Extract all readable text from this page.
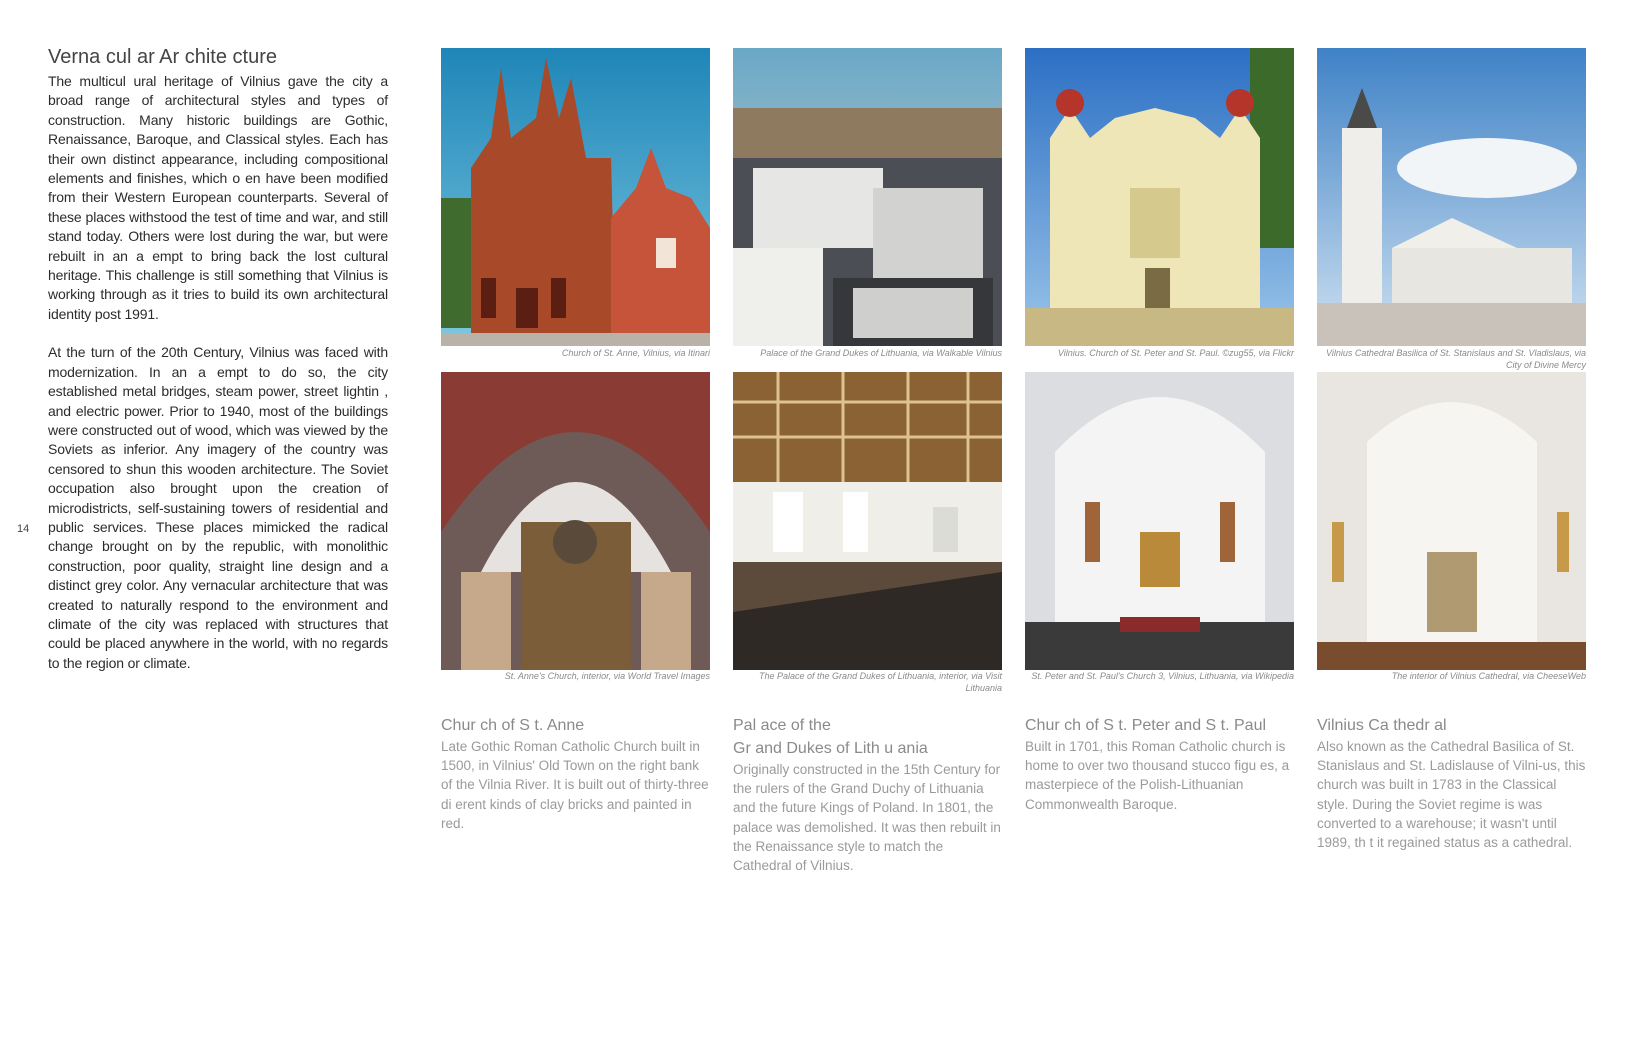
14
Verna cul ar Ar chite cture

The multicul ural heritage of Vilnius gave the city a broad range of architectural styles and types of construction. Many historic buildings are Gothic, Renaissance, Baroque, and Classical styles. Each has their own distinct appearance, including compositional elements and finishes, which o en have been modified from their Western European counterparts. Several of these places withstood the test of time and war, and still stand today. Others were lost during the war, but were rebuilt in an a empt to bring back the lost cultural heritage. This challenge is still something that Vilnius is working through as it tries to build its own architectural identity post 1991.

At the turn of the 20th Century, Vilnius was faced with modernization. In an a empt to do so, the city established metal bridges, steam power, street lightin , and electric power. Prior to 1940, most of the buildings were constructed out of wood, which was viewed by the Soviets as inferior. Any imagery of the country was censored to shun this wooden architecture. The Soviet occupation also brought upon the creation of microdistricts, self-sustaining towers of residential and public services. These places mimicked the radical change brought on by the republic, with monolithic construction, poor quality, straight line design and a distinct grey color. Any vernacular architecture that was created to naturally respond to the environment and climate of the city was replaced with structures that could be placed anywhere in the world, with no regards to the region or climate.

Church of St. Anne, Vilnius, via Itinari	Palace of the Grand Dukes of Lithuania, via Walkable Vilnius	Vilnius. Church of St. Peter and St. Paul. ©zug55, via Flickr	Vilnius Cathedral Basilica of St. Stanislaus and St. Vladislaus, via City of Divine Mercy
St. Anne's Church, interior, via World Travel Images	The Palace of the Grand Dukes of Lithuania, interior, via Visit Lithuania
St. Peter and St. Paul's Church 3, Vilnius, Lithuania, via Wikipedia	The interior of Vilnius Cathedral, via CheeseWeb

Chur ch of S t. Anne

Late Gothic Roman Catholic Church built in 1500, in Vilnius' Old Town on the right bank of the Vilnia River. It is built out of thirty-three di erent kinds of clay bricks and painted in red.

Pal ace of the

Gr and Dukes of Lith u ania

Originally constructed in the 15th Century for the rulers of the Grand Duchy of Lithuania and the future Kings of Poland. In 1801, the palace was demolished. It was then rebuilt in the Renaissance style to match the Cathedral of Vilnius.

Chur ch of S t. Peter and S t. Paul

Built in 1701, this Roman Catholic church is home to over two thousand stucco figu es, a masterpiece of the Polish-Lithuanian Commonwealth Baroque.

Vilnius Ca thedr al

Also known as the Cathedral Basilica of St. Stanislaus and St. Ladislause of Vilni-us, this church was built in 1783 in the Classical style. During the Soviet regime is was converted to a warehouse; it wasn't until 1989, th t it regained status as a cathedral.
